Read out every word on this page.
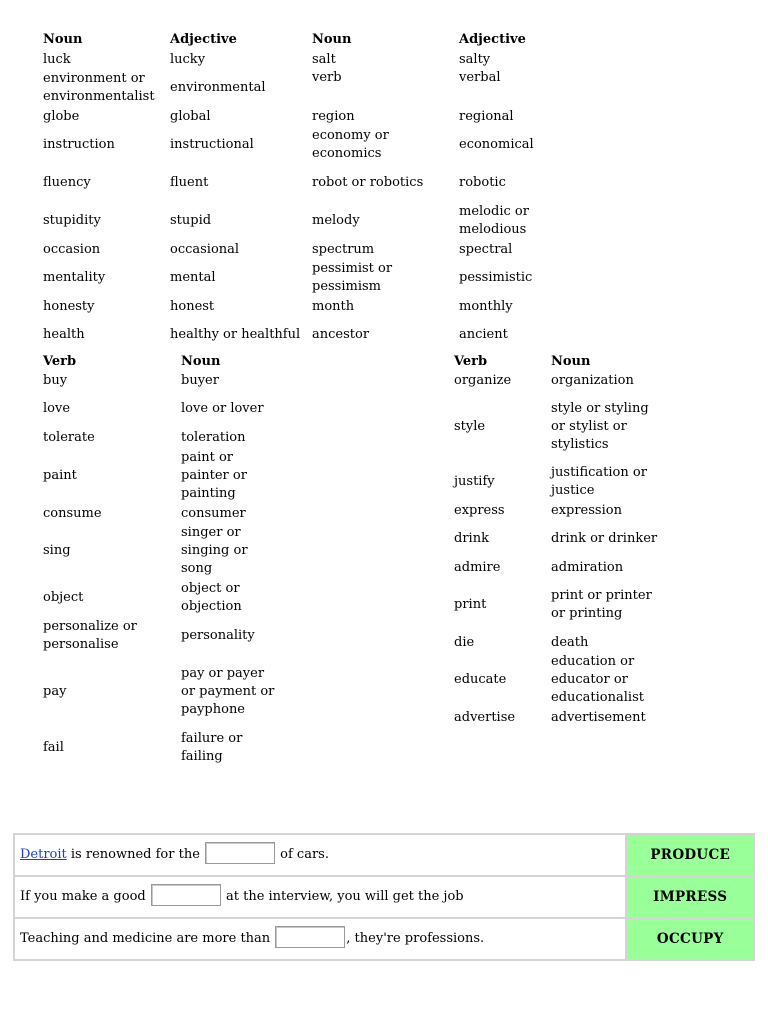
Noun	Adjective	Noun	Adjective
luck	lucky	salt	salty
environment or environmentalist	environmental	verb	verbal
globe	global	region	regional
instruction	instructional	economy or economics	economical
fluency	fluent	robot or robotics	robotic
stupidity	stupid	melody	melodic or melodious
occasion	occasional	spectrum	spectral
mentality	mental	pessimist or pessimism	pessimistic
honesty	honest	month	monthly
health	healthy or healthful	ancestor	ancient
Verb	Noun
buy	buyer
love	love or lover
tolerate	toleration
paint	paint or painter or painting
consume	consumer
sing	singer or singing or song
object	object or objection
personalize or personalise	personality
pay	pay or payer or payment or payphone
fail	failure or failing
Verb	Noun
organize	organization
style	style or styling or stylist or stylistics
justify	justification or justice
express	expression
drink	drink or drinker
admire	admiration
print	print or printer or printing
die	death
educate	education or educator or educationalist
advertise	advertisement
Detroit is renowned for the of cars.	PRODUCE
If you make a good at the interview, you will get the job	IMPRESS
Teaching and medicine are more than , they're professions.	OCCUPY
